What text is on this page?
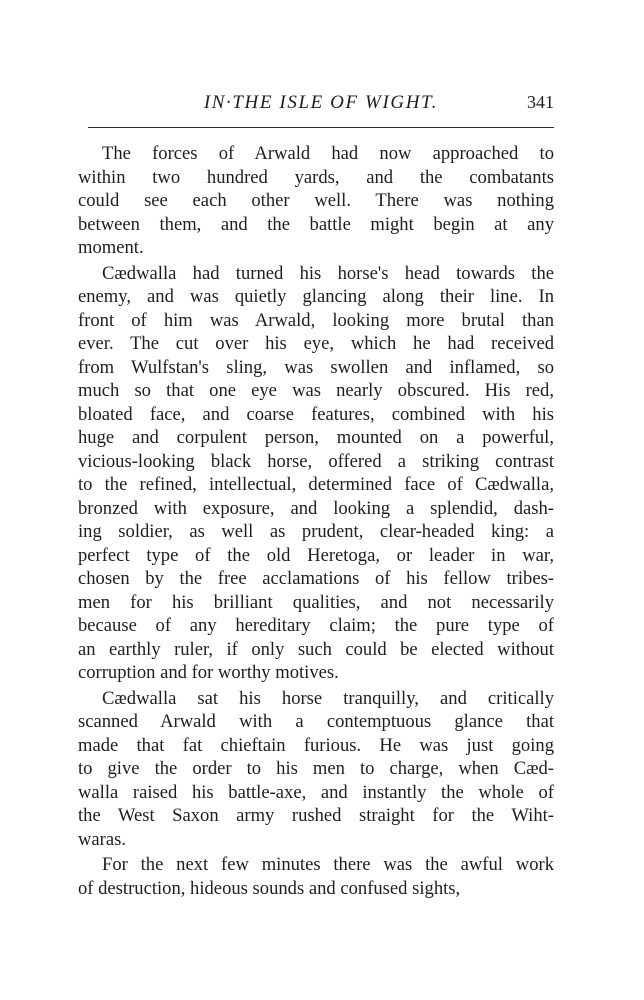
IN·THE ISLE OF WIGHT.	341
The forces of Arwald had now approached to
within two hundred yards, and the combatants
could see each other well. There was nothing
between them, and the battle might begin at any
moment.
Cædwalla had turned his horse's head towards the
enemy, and was quietly glancing along their line. In
front of him was Arwald, looking more brutal than
ever. The cut over his eye, which he had received
from Wulfstan's sling, was swollen and inflamed, so
much so that one eye was nearly obscured. His red,
bloated face, and coarse features, combined with his
huge and corpulent person, mounted on a powerful,
vicious-looking black horse, offered a striking contrast
to the refined, intellectual, determined face of Cædwalla,
bronzed with exposure, and looking a splendid, dash-
ing soldier, as well as prudent, clear-headed king: a
perfect type of the old Heretoga, or leader in war,
chosen by the free acclamations of his fellow tribes-
men for his brilliant qualities, and not necessarily
because of any hereditary claim; the pure type of
an earthly ruler, if only such could be elected without
corruption and for worthy motives.
Cædwalla sat his horse tranquilly, and critically
scanned Arwald with a contemptuous glance that
made that fat chieftain furious. He was just going
to give the order to his men to charge, when Cæd-
walla raised his battle-axe, and instantly the whole of
the West Saxon army rushed straight for the Wiht-
waras.
For the next few minutes there was the awful work
of destruction, hideous sounds and confused sights,
